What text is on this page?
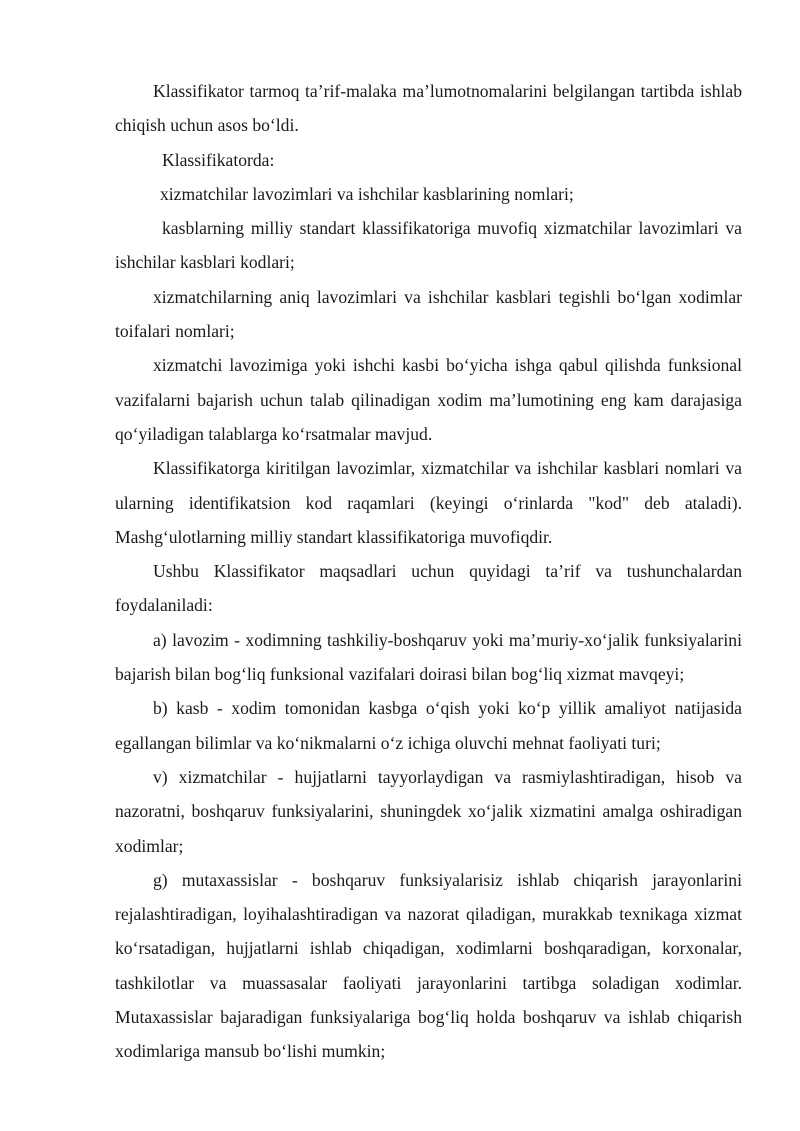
Klassifikator tarmoq ta’rif-malaka ma’lumotnomalarini belgilangan tartibda ishlab chiqish uchun asos bo‘ldi.

Klassifikatorda:

xizmatchilar lavozimlari va ishchilar kasblarining nomlari;

kasblarning milliy standart klassifikatoriga muvofiq xizmatchilar lavozimlari va ishchilar kasblari kodlari;

xizmatchilarning aniq lavozimlari va ishchilar kasblari tegishli bo‘lgan xodimlar toifalari nomlari;

xizmatchi lavozimiga yoki ishchi kasbi bo‘yicha ishga qabul qilishda funksional vazifalarni bajarish uchun talab qilinadigan xodim ma’lumotining eng kam darajasiga qo‘yiladigan talablarga ko‘rsatmalar mavjud.

Klassifikatorga kiritilgan lavozimlar, xizmatchilar va ishchilar kasblari nomlari va ularning identifikatsion kod raqamlari (keyingi o‘rinlarda "kod" deb ataladi). Mashg‘ulotlarning milliy standart klassifikatoriga muvofiqdir.

Ushbu Klassifikator maqsadlari uchun quyidagi ta’rif va tushunchalardan foydalaniladi:

a) lavozim - xodimning tashkiliy-boshqaruv yoki ma’muriy-xo‘jalik funksiyalarini bajarish bilan bog‘liq funksional vazifalari doirasi bilan bog‘liq xizmat mavqeyi;

b) kasb - xodim tomonidan kasbga o‘qish yoki ko‘p yillik amaliyot natijasida egallangan bilimlar va ko‘nikmalarni o‘z ichiga oluvchi mehnat faoliyati turi;

v) xizmatchilar - hujjatlarni tayyorlaydigan va rasmiylashtiradigan, hisob va nazoratni, boshqaruv funksiyalarini, shuningdek xo‘jalik xizmatini amalga oshiradigan xodimlar;

g) mutaxassislar - boshqaruv funksiyalarisiz ishlab chiqarish jarayonlarini rejalashtiradigan, loyihalashtiradigan va nazorat qiladigan, murakkab texnikaga xizmat ko‘rsatadigan, hujjatlarni ishlab chiqadigan, xodimlarni boshqaradigan, korxonalar, tashkilotlar va muassasalar faoliyati jarayonlarini tartibga soladigan xodimlar. Mutaxassislar bajaradigan funksiyalariga bog‘liq holda boshqaruv va ishlab chiqarish xodimlariga mansub bo‘lishi mumkin;
